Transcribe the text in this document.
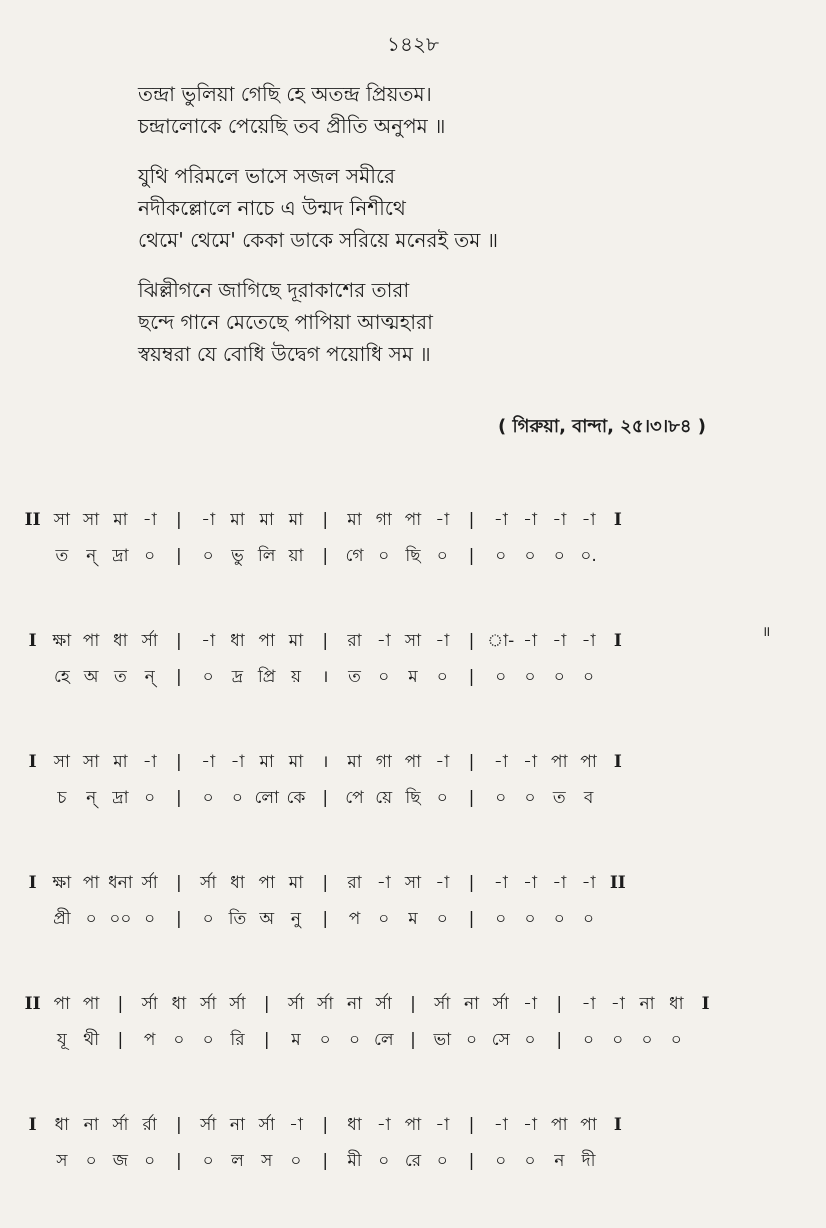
১৪২৮
তন্দ্রা ভুলিয়া গেছি হে অতন্দ্র প্রিয়তম।
চন্দ্রালোকে পেয়েছি তব প্রীতি অনুপম ॥
যুথি পরিমলে ভাসে সজল সমীরে
নদীকল্লোলে নাচে এ উন্মদ নিশীথে
থেমে' থেমে' কেকা ডাকে সরিয়ে মনেরই তম ॥
ঝিল্লীগনে জাগিছে দূরাকাশের তারা
ছন্দে গানে মেতেছে পাপিয়া আত্মহারা
স্বয়ম্বরা যে বোধি উদ্বেগ পয়োধি সম ॥
( গিরুয়া, বান্দা, ২৫।৩।৮৪ )
॥
II সা সা মা -া	|	-া মা মা মা	|	মা গা পা -া	|	-া -া -া -া	I
ত	ন্ দ্রা ০	|	০	ভু লি য়া	|	গে ০ ছি ০	|	০	০	০ ০.
I ক্ষা পা ধা র্সা	|	-া ধা পা মা	|	রা -া সা -া	| া- -া -া -া	I
হে অ ত	ন্	|	০	দ্র প্রি য়	।	ত	০	ম	০	|	০	০	০	০
I	সা সা মা -া	|	-া -া মা মা	।	মা গা পা -া	|	-া -া পা পা	I
চ	ন্ দ্রা ০	|	০	০ লো কে	|	পে য়ে ছি ০	|	০	০	ত	ব
I ক্ষা পা ধনা র্সা	|	র্সা ধা পা মা	|	রা -া সা -া	|	-া -া -া -া II
প্রী ০ ০০ ০	|	০ তি অ নু	|	প	০	ম	০	|	০	০	০	০
II পা পা	|	র্সা ধা র্সা র্সা	|	র্সা র্সা না র্সা	|	র্সা না র্সা -া	|	-া -া না ধা	I
যূ থী	|	প	০	০ রি	|	ম	০	০ লে |	ভা ০ সে ০	|	০	০	০	০
I	ধা না র্সা র্রা	|	র্সা না র্সা -া	|	ধা -া পা -া	|	-া -া পা পা	I
স	০ জ ০	|	০	ল	স	০	|	মী ০ রে ০	|	০	০	ন	দী
